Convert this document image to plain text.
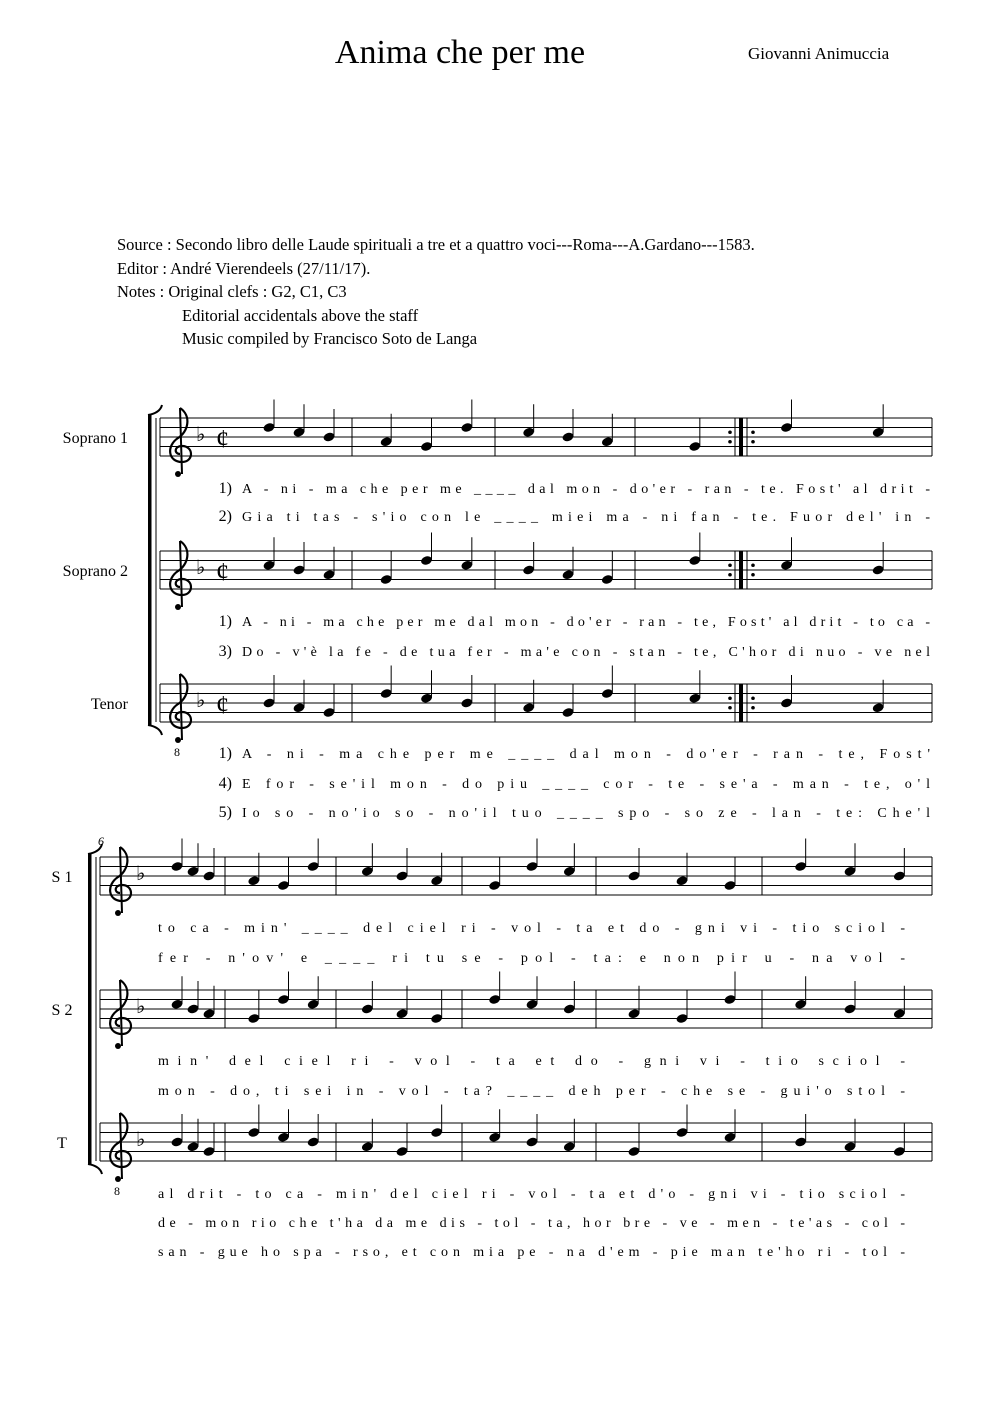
Anima che per me	Giovanni Animuccia
Source : Secondo libro delle Laude spirituali a tre et a quattro voci---Roma---A.Gardano---1583.
Editor : André Vierendeels (27/11/17).
Notes : Original clefs : G2, C1, C3
Editorial accidentals above the staff
Music compiled by Francisco Soto de Langa
♭ ¢
Soprano 1
1) A - ni - ma che per me ____ dal mon - do'er - ran - te. Fost' al drit -
2) Gia ti tas - s'io con le ____ miei ma - ni fan - te. Fuor del' in -
♭ ¢
Soprano 2
1) A - ni - ma che per me dal mon - do'er - ran - te, Fost' al drit - to ca -
3) Do - v'è la fe - de tua fer - ma'e con - stan - te, C'hor di nuo - ve nel
8
♭ ¢
Tenor
1) A - ni - ma che per me ____ dal mon - do'er - ran - te, Fost'
4) E for - se'il mon - do piu ____ cor - te - se'a - man - te, o'l
5) Io so - no'io so - no'il tuo ____ spo - so ze - lan - te: Che'l
6
♭
S 1
to ca - min' ____ del ciel ri - vol - ta et do - gni vi - tio sciol -
fer - n'ov' e ____ ri tu se - pol - ta: e non pir u - na vol -
♭
S 2
min' del ciel ri - vol - ta et do - gni vi - tio sciol -
mon - do, ti sei in - vol - ta? ____ deh per - che se - gui'o stol -
8
♭
T
al drit - to ca - min' del ciel ri - vol - ta et d'o - gni vi - tio sciol -
de - mon rio che t'ha da me dis - tol - ta, hor bre - ve - men - te'as - col -
san - gue ho spa - rso, et con mia pe - na d'em - pie man te'ho ri - tol -
